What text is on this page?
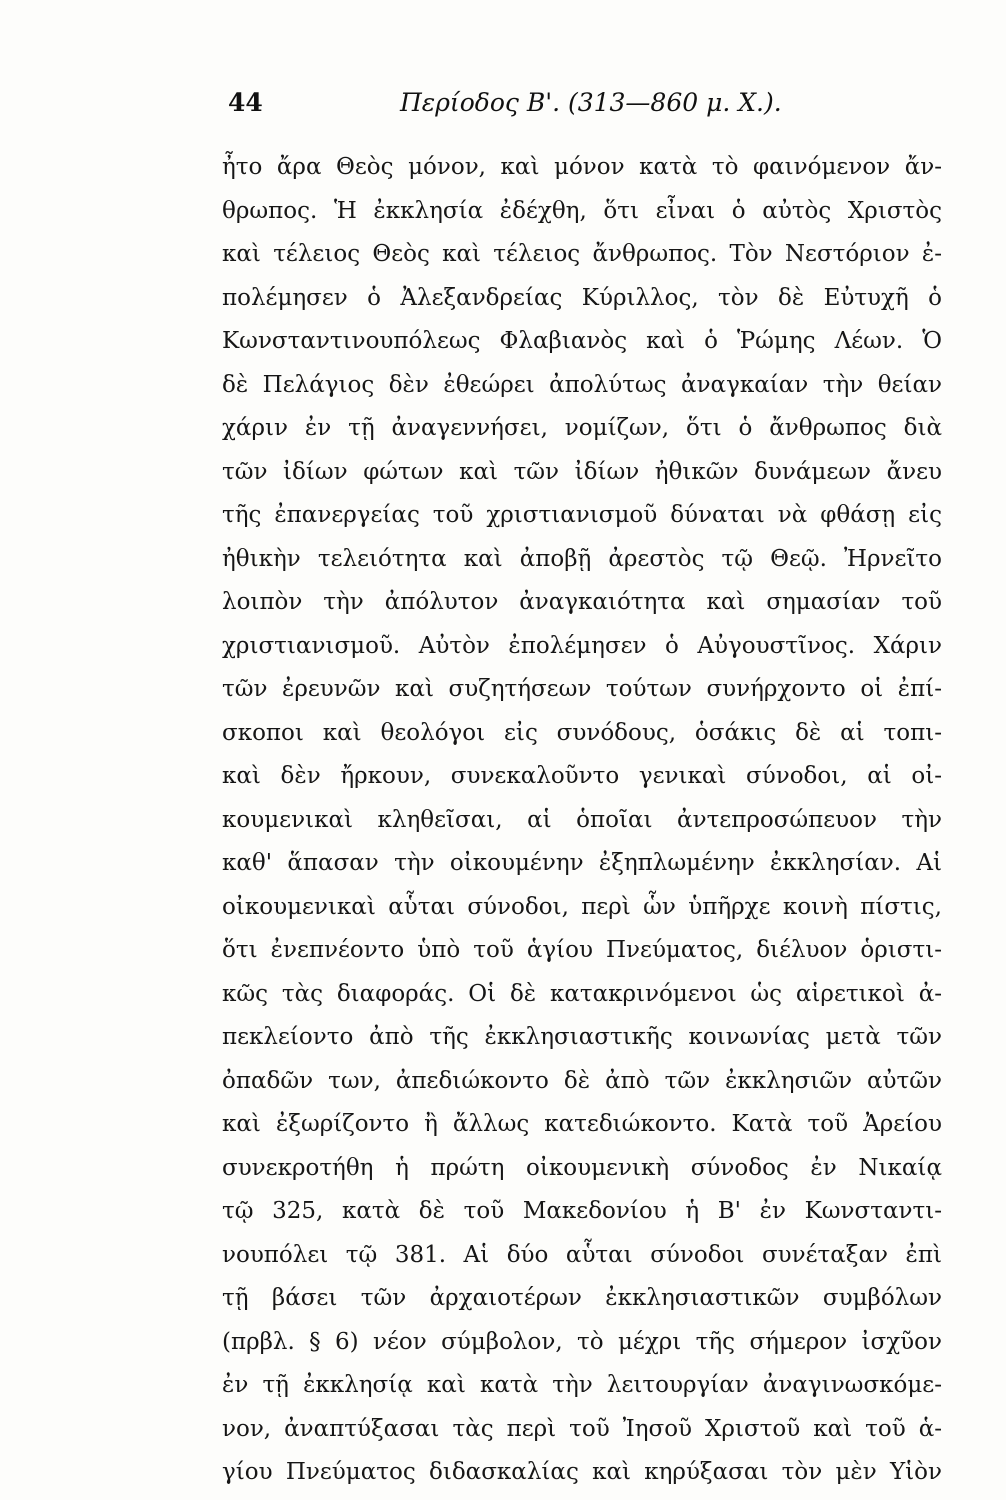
44	Περίοδος Β'. (313—860 μ. Χ.).
ἦτο ἄρα Θεὸς μόνον, καὶ μόνον κατὰ τὸ φαινόμενον ἄν-
θρωπος. Ἡ ἐκκλησία ἐδέχθη, ὅτι εἶναι ὁ αὐτὸς Χριστὸς
καὶ τέλειος Θεὸς καὶ τέλειος ἄνθρωπος. Τὸν Νεστόριον ἐ-
πολέμησεν ὁ Ἀλεξανδρείας Κύριλλος, τὸν δὲ Εὐτυχῆ ὁ
Κωνσταντινουπόλεως Φλαβιανὸς καὶ ὁ Ῥώμης Λέων. Ὁ
δὲ Πελάγιος δὲν ἐθεώρει ἀπολύτως ἀναγκαίαν τὴν θείαν
χάριν ἐν τῇ ἀναγεννήσει, νομίζων, ὅτι ὁ ἄνθρωπος διὰ
τῶν ἰδίων φώτων καὶ τῶν ἰδίων ἠθικῶν δυνάμεων ἄνευ
τῆς ἐπανεργείας τοῦ χριστιανισμοῦ δύναται νὰ φθάσῃ εἰς
ἠθικὴν τελειότητα καὶ ἀποβῇ ἀρεστὸς τῷ Θεῷ. Ἠρνεῖτο
λοιπὸν τὴν ἀπόλυτον ἀναγκαιότητα καὶ σημασίαν τοῦ
χριστιανισμοῦ. Αὐτὸν ἐπολέμησεν ὁ Αὐγουστῖνος. Χάριν
τῶν ἐρευνῶν καὶ συζητήσεων τούτων συνήρχοντο οἱ ἐπί-
σκοποι καὶ θεολόγοι εἰς συνόδους, ὁσάκις δὲ αἱ τοπι-
καὶ δὲν ἤρκουν, συνεκαλοῦντο γενικαὶ σύνοδοι, αἱ οἰ-
κουμενικαὶ κληθεῖσαι, αἱ ὁποῖαι ἀντεπροσώπευον τὴν
καθ' ἅπασαν τὴν οἰκουμένην ἐξηπλωμένην ἐκκλησίαν. Αἱ
οἰκουμενικαὶ αὗται σύνοδοι, περὶ ὧν ὑπῆρχε κοινὴ πίστις,
ὅτι ἐνεπνέοντο ὑπὸ τοῦ ἁγίου Πνεύματος, διέλυον ὁριστι-
κῶς τὰς διαφοράς. Οἱ δὲ κατακρινόμενοι ὡς αἱρετικοὶ ἀ-
πεκλείοντο ἀπὸ τῆς ἐκκλησιαστικῆς κοινωνίας μετὰ τῶν
ὀπαδῶν των, ἀπεδιώκοντο δὲ ἀπὸ τῶν ἐκκλησιῶν αὐτῶν
καὶ ἐξωρίζοντο ἢ ἄλλως κατεδιώκοντο. Κατὰ τοῦ Ἀρείου
συνεκροτήθη ἡ πρώτη οἰκουμενικὴ σύνοδος ἐν Νικαίᾳ
τῷ 325, κατὰ δὲ τοῦ Μακεδονίου ἡ Β' ἐν Κωνσταντι-
νουπόλει τῷ 381. Αἱ δύο αὗται σύνοδοι συνέταξαν ἐπὶ
τῇ βάσει τῶν ἀρχαιοτέρων ἐκκλησιαστικῶν συμβόλων
(πρβλ. § 6) νέον σύμβολον, τὸ μέχρι τῆς σήμερον ἰσχῦον
ἐν τῇ ἐκκλησίᾳ καὶ κατὰ τὴν λειτουργίαν ἀναγινωσκόμε-
νον, ἀναπτύξασαι τὰς περὶ τοῦ Ἰησοῦ Χριστοῦ καὶ τοῦ ἁ-
γίου Πνεύματος διδασκαλίας καὶ κηρύξασαι τὸν μὲν Υἱὸν
